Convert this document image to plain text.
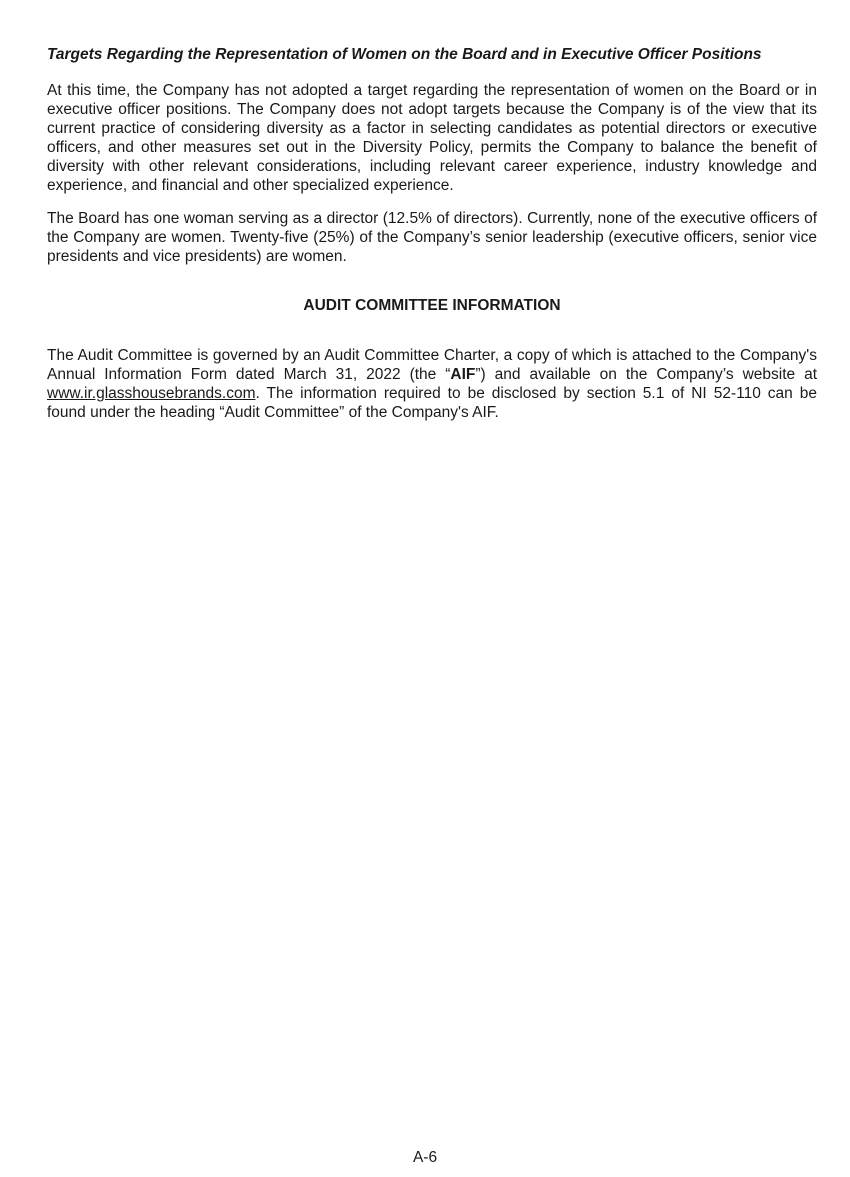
Targets Regarding the Representation of Women on the Board and in Executive Officer Positions

At this time, the Company has not adopted a target regarding the representation of women on the Board or in executive officer positions. The Company does not adopt targets because the Company is of the view that its current practice of considering diversity as a factor in selecting candidates as potential directors or executive officers, and other measures set out in the Diversity Policy, permits the Company to balance the benefit of diversity with other relevant considerations, including relevant career experience, industry knowledge and experience, and financial and other specialized experience.

The Board has one woman serving as a director (12.5% of directors). Currently, none of the executive officers of the Company are women. Twenty-five (25%) of the Company’s senior leadership (executive officers, senior vice presidents and vice presidents) are women.

AUDIT COMMITTEE INFORMATION

The Audit Committee is governed by an Audit Committee Charter, a copy of which is attached to the Company's Annual Information Form dated March 31, 2022 (the “AIF”) and available on the Company’s website at www.ir.glasshousebrands.com. The information required to be disclosed by section 5.1 of NI 52-110 can be found under the heading “Audit Committee” of the Company's AIF.

A-6
